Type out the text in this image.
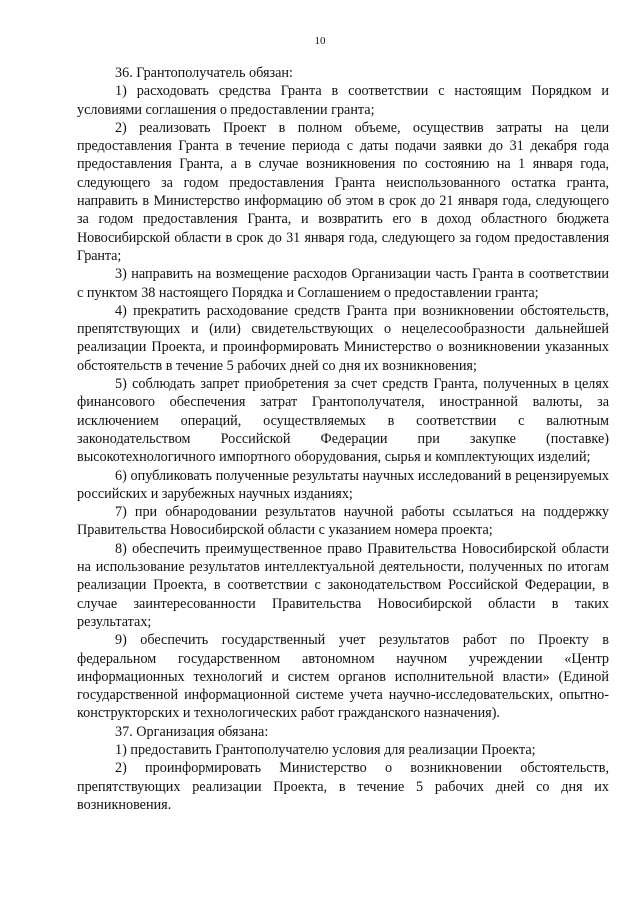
10

36. Грантополучатель обязан:

1) расходовать средства Гранта в соответствии с настоящим Порядком и условиями соглашения о предоставлении гранта;

2) реализовать Проект в полном объеме, осуществив затраты на цели предоставления Гранта в течение периода с даты подачи заявки до 31 декабря года предоставления Гранта, а в случае возникновения по состоянию на 1 января года, следующего за годом предоставления Гранта неиспользованного остатка гранта, направить в Министерство информацию об этом в срок до 21 января года, следующего за годом предоставления Гранта, и возвратить его в доход областного бюджета Новосибирской области в срок до 31 января года, следующего за годом предоставления Гранта;

3) направить на возмещение расходов Организации часть Гранта в соответствии с пунктом 38 настоящего Порядка и Соглашением о предоставлении гранта;

4) прекратить расходование средств Гранта при возникновении обстоятельств, препятствующих и (или) свидетельствующих о нецелесообразности дальнейшей реализации Проекта, и проинформировать Министерство о возникновении указанных обстоятельств в течение 5 рабочих дней со дня их возникновения;

5) соблюдать запрет приобретения за счет средств Гранта, полученных в целях финансового обеспечения затрат Грантополучателя, иностранной валюты, за исключением операций, осуществляемых в соответствии с валютным законодательством Российской Федерации при закупке (поставке) высокотехнологичного импортного оборудования, сырья и комплектующих изделий;

6) опубликовать полученные результаты научных исследований в рецензируемых российских и зарубежных научных изданиях;

7) при обнародовании результатов научной работы ссылаться на поддержку Правительства Новосибирской области с указанием номера проекта;

8) обеспечить преимущественное право Правительства Новосибирской области на использование результатов интеллектуальной деятельности, полученных по итогам реализации Проекта, в соответствии с законодательством Российской Федерации, в случае заинтересованности Правительства Новосибирской области в таких результатах;

9) обеспечить государственный учет результатов работ по Проекту в федеральном государственном автономном научном учреждении «Центр информационных технологий и систем органов исполнительной власти» (Единой государственной информационной системе учета научно-исследовательских, опытно-конструкторских и технологических работ гражданского назначения).

37. Организация обязана:

1) предоставить Грантополучателю условия для реализации Проекта;

2) проинформировать Министерство о возникновении обстоятельств, препятствующих реализации Проекта, в течение 5 рабочих дней со дня их возникновения.
